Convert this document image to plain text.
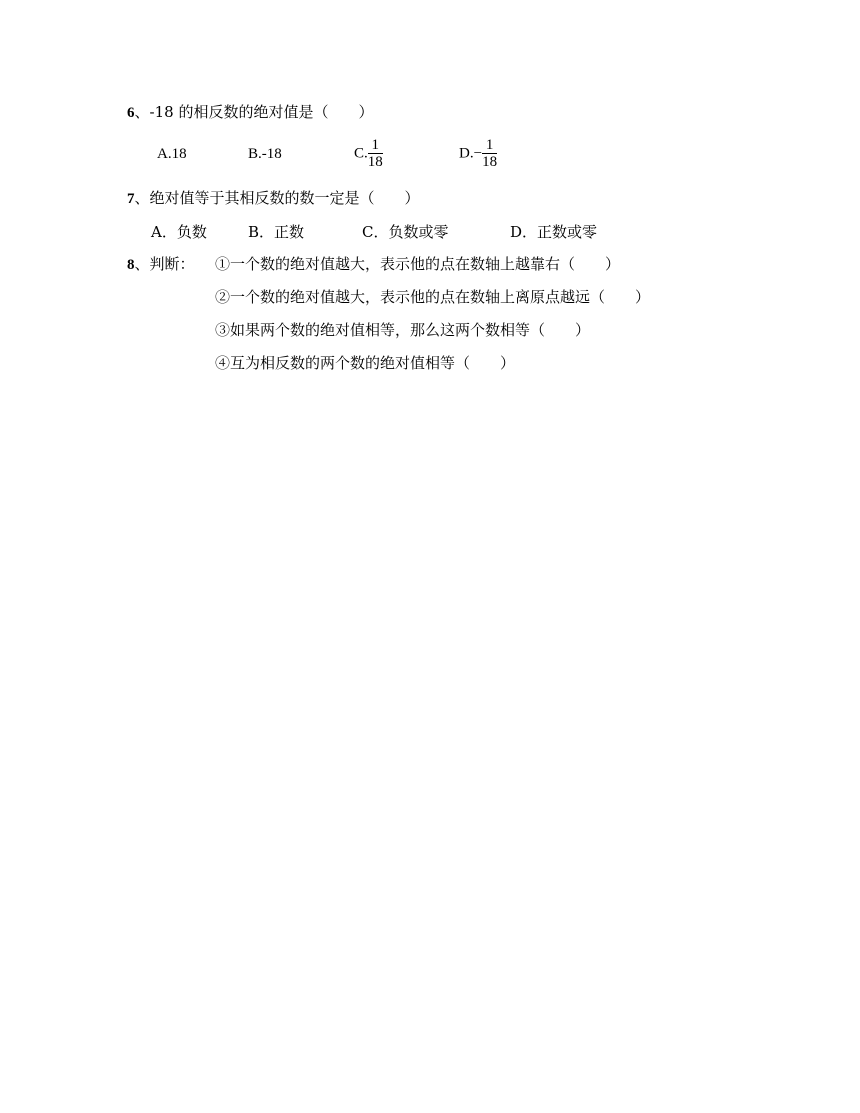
6、-18 的相反数的绝对值是（　　）
A.18	B.-18	C. $\frac{1}{18}$	$D.- \frac{1}{18}$
7、绝对值等于其相反数的数一定是（　　）
A．负数	B．正数	C．负数或零	D．正数或零
8、判断： ①一个数的绝对值越大，表示他的点在数轴上越靠右（　　）
②一个数的绝对值越大，表示他的点在数轴上离原点越远（　　）
③如果两个数的绝对值相等，那么这两个数相等（　　）
④互为相反数的两个数的绝对值相等（　　）
